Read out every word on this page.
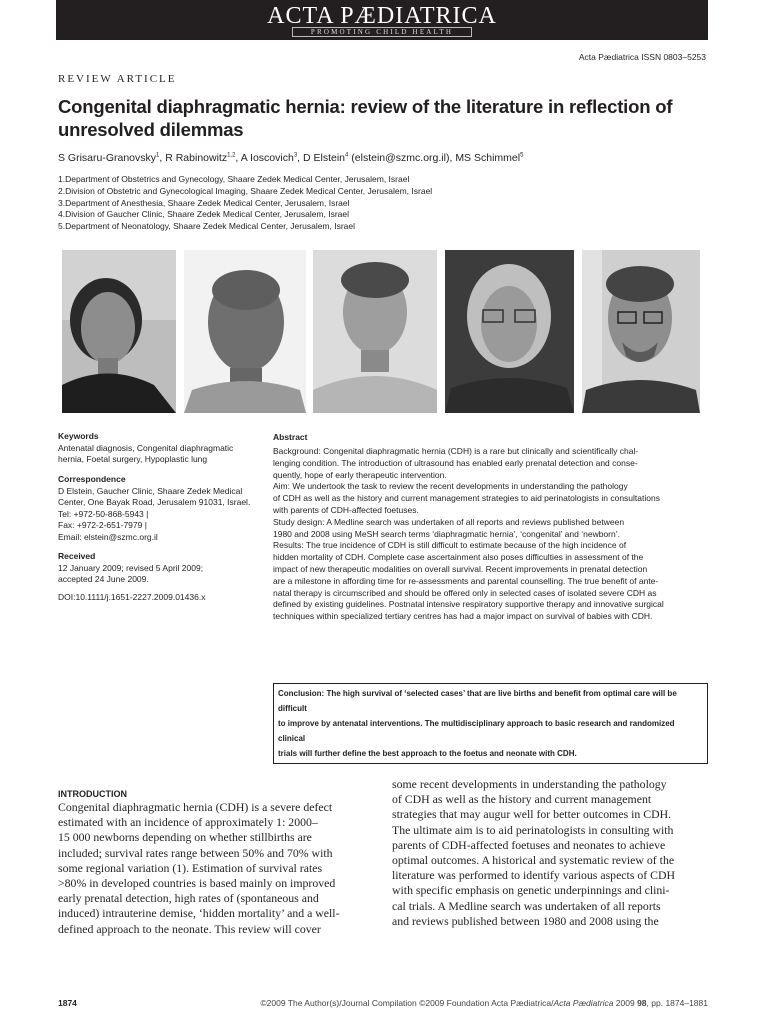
ACTA PÆDIATRICA
PROMOTING CHILD HEALTH
Acta Pædiatrica ISSN 0803–5253
REVIEW ARTICLE
Congenital diaphragmatic hernia: review of the literature in reflection of unresolved dilemmas
S Grisaru-Granovsky$^1$, R Rabinowitz$^{1,2}$, A Ioscovich$^3$, D Elstein$^4$ (elstein@szmc.org.il), MS Schimmel$^5$
1.Department of Obstetrics and Gynecology, Shaare Zedek Medical Center, Jerusalem, Israel
2.Division of Obstetric and Gynecological Imaging, Shaare Zedek Medical Center, Jerusalem, Israel
3.Department of Anesthesia, Shaare Zedek Medical Center, Jerusalem, Israel
4.Division of Gaucher Clinic, Shaare Zedek Medical Center, Jerusalem, Israel
5.Department of Neonatology, Shaare Zedek Medical Center, Jerusalem, Israel
Keywords
Antenatal diagnosis, Congenital diaphragmatic
hernia, Foetal surgery, Hypoplastic lung
Correspondence
D Elstein, Gaucher Clinic, Shaare Zedek Medical
Center, One Bayak Road, Jerusalem 91031, Israel.
Tel: +972-50-868-5943 |
Fax: +972-2-651-7979 |
Email: elstein@szmc.org.il
Received
12 January 2009; revised 5 April 2009;
accepted 24 June 2009.
DOI:10.1111/j.1651-2227.2009.01436.x
Abstract

Background: Congenital diaphragmatic hernia (CDH) is a rare but clinically and scientifically chal-

lenging condition. The introduction of ultrasound has enabled early prenatal detection and conse-

quently, hope of early therapeutic intervention.

Aim: We undertook the task to review the recent developments in understanding the pathology

of CDH as well as the history and current management strategies to aid perinatologists in consultations

with parents of CDH-affected foetuses.

Study design: A Medline search was undertaken of all reports and reviews published between

1980 and 2008 using MeSH search terms ‘diaphragmatic hernia’, ‘congenital’ and ‘newborn’.

Results: The true incidence of CDH is still difficult to estimate because of the high incidence of

hidden mortality of CDH. Complete case ascertainment also poses difficulties in assessment of the

impact of new therapeutic modalities on overall survival. Recent improvements in prenatal detection

are a milestone in affording time for re-assessments and parental counselling. The true benefit of ante-

natal therapy is circumscribed and should be offered only in selected cases of isolated severe CDH as

defined by existing guidelines. Postnatal intensive respiratory supportive therapy and innovative surgical

techniques within specialized tertiary centres has had a major impact on survival of babies with CDH.

Conclusion: The high survival of ‘selected cases’ that are live births and benefit from optimal care will be difficult
to improve by antenatal interventions. The multidisciplinary approach to basic research and randomized clinical
trials will further define the best approach to the foetus and neonate with CDH.
INTRODUCTION
Congenital diaphragmatic hernia (CDH) is a severe defect
estimated with an incidence of approximately 1: 2000–
15 000 newborns depending on whether stillbirths are
included; survival rates range between 50% and 70% with
some regional variation (1). Estimation of survival rates
>80% in developed countries is based mainly on improved
early prenatal detection, high rates of (spontaneous and
induced) intrauterine demise, ‘hidden mortality’ and a well-
defined approach to the neonate. This review will cover
some recent developments in understanding the pathology
of CDH as well as the history and current management
strategies that may augur well for better outcomes in CDH.
The ultimate aim is to aid perinatologists in consulting with
parents of CDH-affected foetuses and neonates to achieve
optimal outcomes. A historical and systematic review of the
literature was performed to identify various aspects of CDH
with specific emphasis on genetic underpinnings and clini-
cal trials. A Medline search was undertaken of all reports
and reviews published between 1980 and 2008 using the
1874	©2009 The Author(s)/Journal Compilation ©2009 Foundation Acta Pædiatrica/Acta Pædiatrica 2009 98, pp. 1874–1881
